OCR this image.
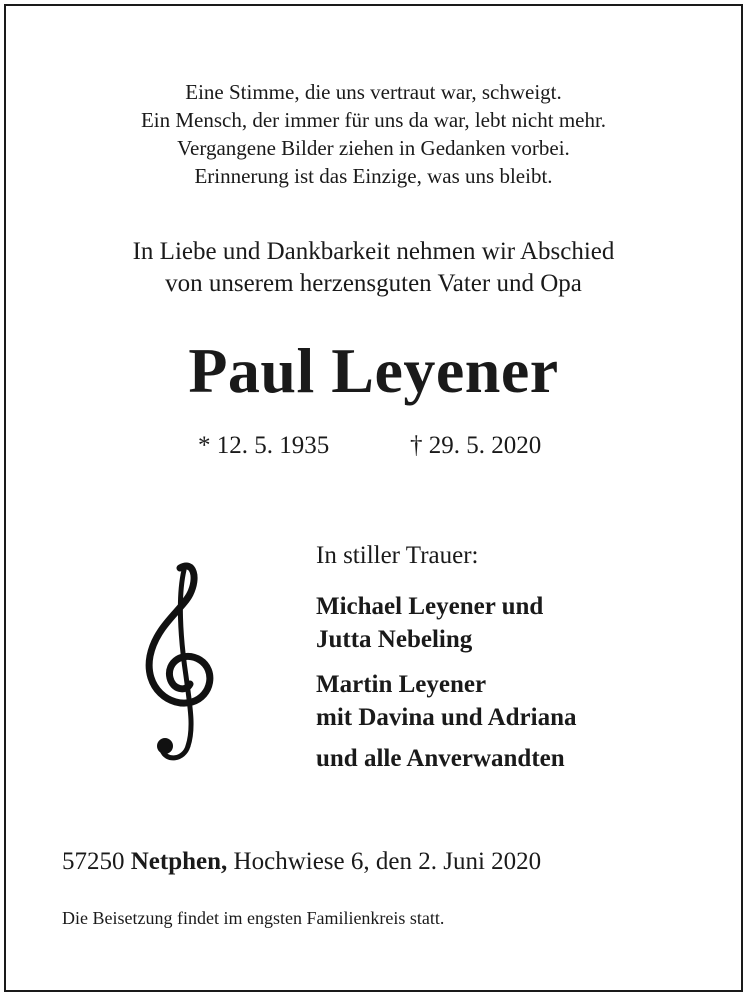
Eine Stimme, die uns vertraut war, schweigt.
Ein Mensch, der immer für uns da war, lebt nicht mehr.
Vergangene Bilder ziehen in Gedanken vorbei.
Erinnerung ist das Einzige, was uns bleibt.
In Liebe und Dankbarkeit nehmen wir Abschied
von unserem herzensguten Vater und Opa
Paul Leyener
* 12. 5. 1935	† 29. 5. 2020
In stiller Trauer:
Michael Leyener und
Jutta Nebeling
Martin Leyener
mit Davina und Adriana
und alle Anverwandten
57250 Netphen, Hochwiese 6, den 2. Juni 2020
Die Beisetzung findet im engsten Familienkreis statt.
